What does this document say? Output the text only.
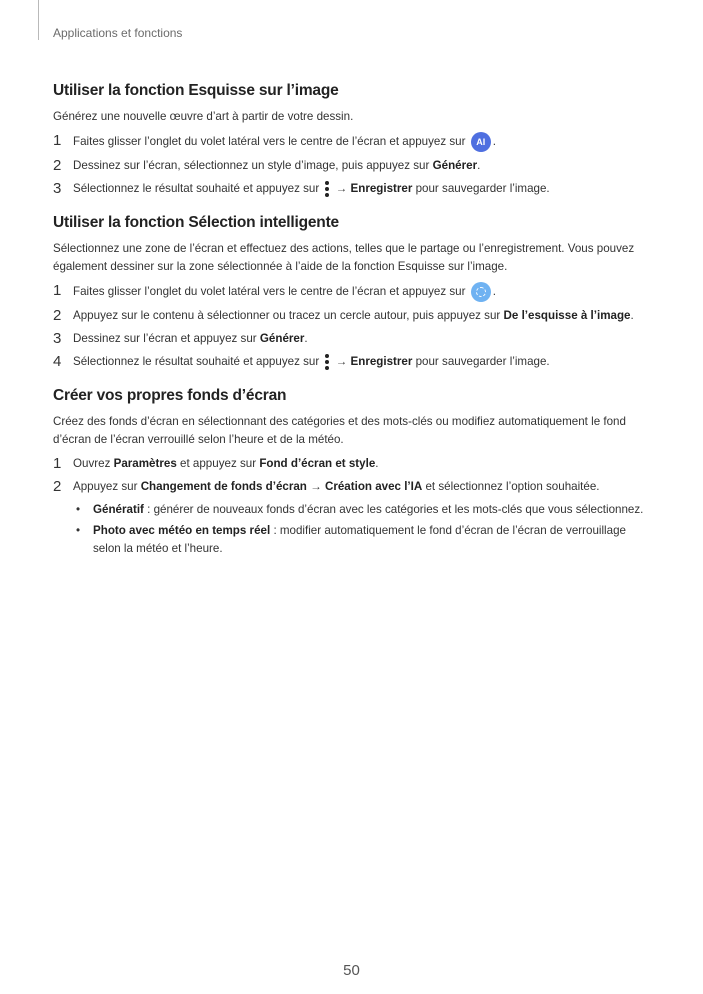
Applications et fonctions
Utiliser la fonction Esquisse sur l’image

Générez une nouvelle œuvre d’art à partir de votre dessin.

1	Faites glisser l’onglet du volet latéral vers le centre de l’écran et appuyez sur AI .
2	Dessinez sur l’écran, sélectionnez un style d’image, puis appuyez sur Générer.
3	Sélectionnez le résultat souhaité et appuyez sur → Enregistrer pour sauvegarder l’image.
Utiliser la fonction Sélection intelligente

Sélectionnez une zone de l’écran et effectuez des actions, telles que le partage ou l’enregistrement. Vous pouvez également dessiner sur la zone sélectionnée à l’aide de la fonction Esquisse sur l’image.

1	Faites glisser l’onglet du volet latéral vers le centre de l’écran et appuyez sur .
2	Appuyez sur le contenu à sélectionner ou tracez un cercle autour, puis appuyez sur De l’esquisse à l’image.
3	Dessinez sur l’écran et appuyez sur Générer.
4	Sélectionnez le résultat souhaité et appuyez sur → Enregistrer pour sauvegarder l’image.
Créer vos propres fonds d’écran

Créez des fonds d’écran en sélectionnant des catégories et des mots-clés ou modifiez automatiquement le fond d’écran de l’écran verrouillé selon l’heure et de la météo.

1	Ouvrez Paramètres et appuyez sur Fond d’écran et style.
2	Appuyez sur Changement de fonds d’écran → Création avec l’IA et sélectionnez l’option souhaitée.
• Génératif : générer de nouveaux fonds d’écran avec les catégories et les mots-clés que vous sélectionnez.
• Photo avec météo en temps réel : modifier automatiquement le fond d’écran de l’écran de verrouillage selon la météo et l’heure.
50
